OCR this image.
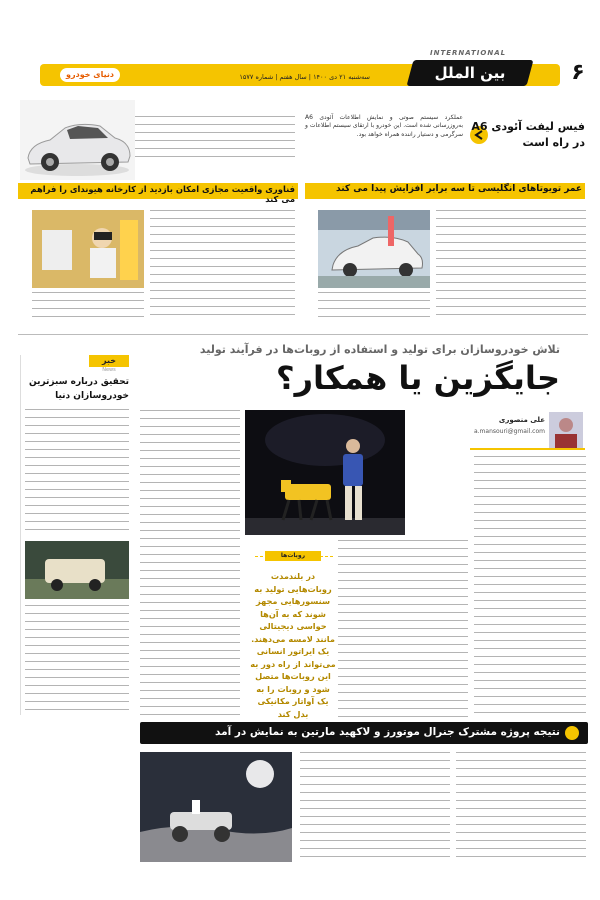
INTERNATIONAL
بین الملل	۶
دنیای خودرو	سه‌شنبه ۲۱ دی ۱۴۰۰ | سال هفتم | شماره ۱۵۷۷
فیس لیفت آئودی A6
در راه است
عملکرد سیستم صوتی و نمایش اطلاعات آئودی A6 به‌روزرسانی شده است. این خودرو با ارتقای سیستم اطلاعات و سرگرمی و دستیار راننده همراه خواهد بود.
عمر تویوتاهای انگلیسی تا سه برابر افزایش پیدا می کند
فناوری واقعیت مجازی امکان بازدید از کارخانه هیوندای را فراهم می کند
تلاش خودروسازان برای تولید و استفاده از روبات‌ها در فرآیند تولید
جایگزین یا همکار؟
علی منصوری
a.mansouri@gmail.com
روبات‌ها
در بلندمدت روبات‌هایی تولید به سنسورهایی مجهز شوند که به آن‌ها حواسی ديجيتالی مانند لامسه می‌دهند. یک ایراتور انسانی می‌تواند از راه دور به این روبات‌ها متصل شود و روبات را به یک آواتار مکانیکی بدل کند
خبر
News
تحقیق درباره سبزترین
خودروسازان دنیا
نتیجه پروژه مشترک جنرال موتورز و لاکهید مارتین به نمایش در آمد
